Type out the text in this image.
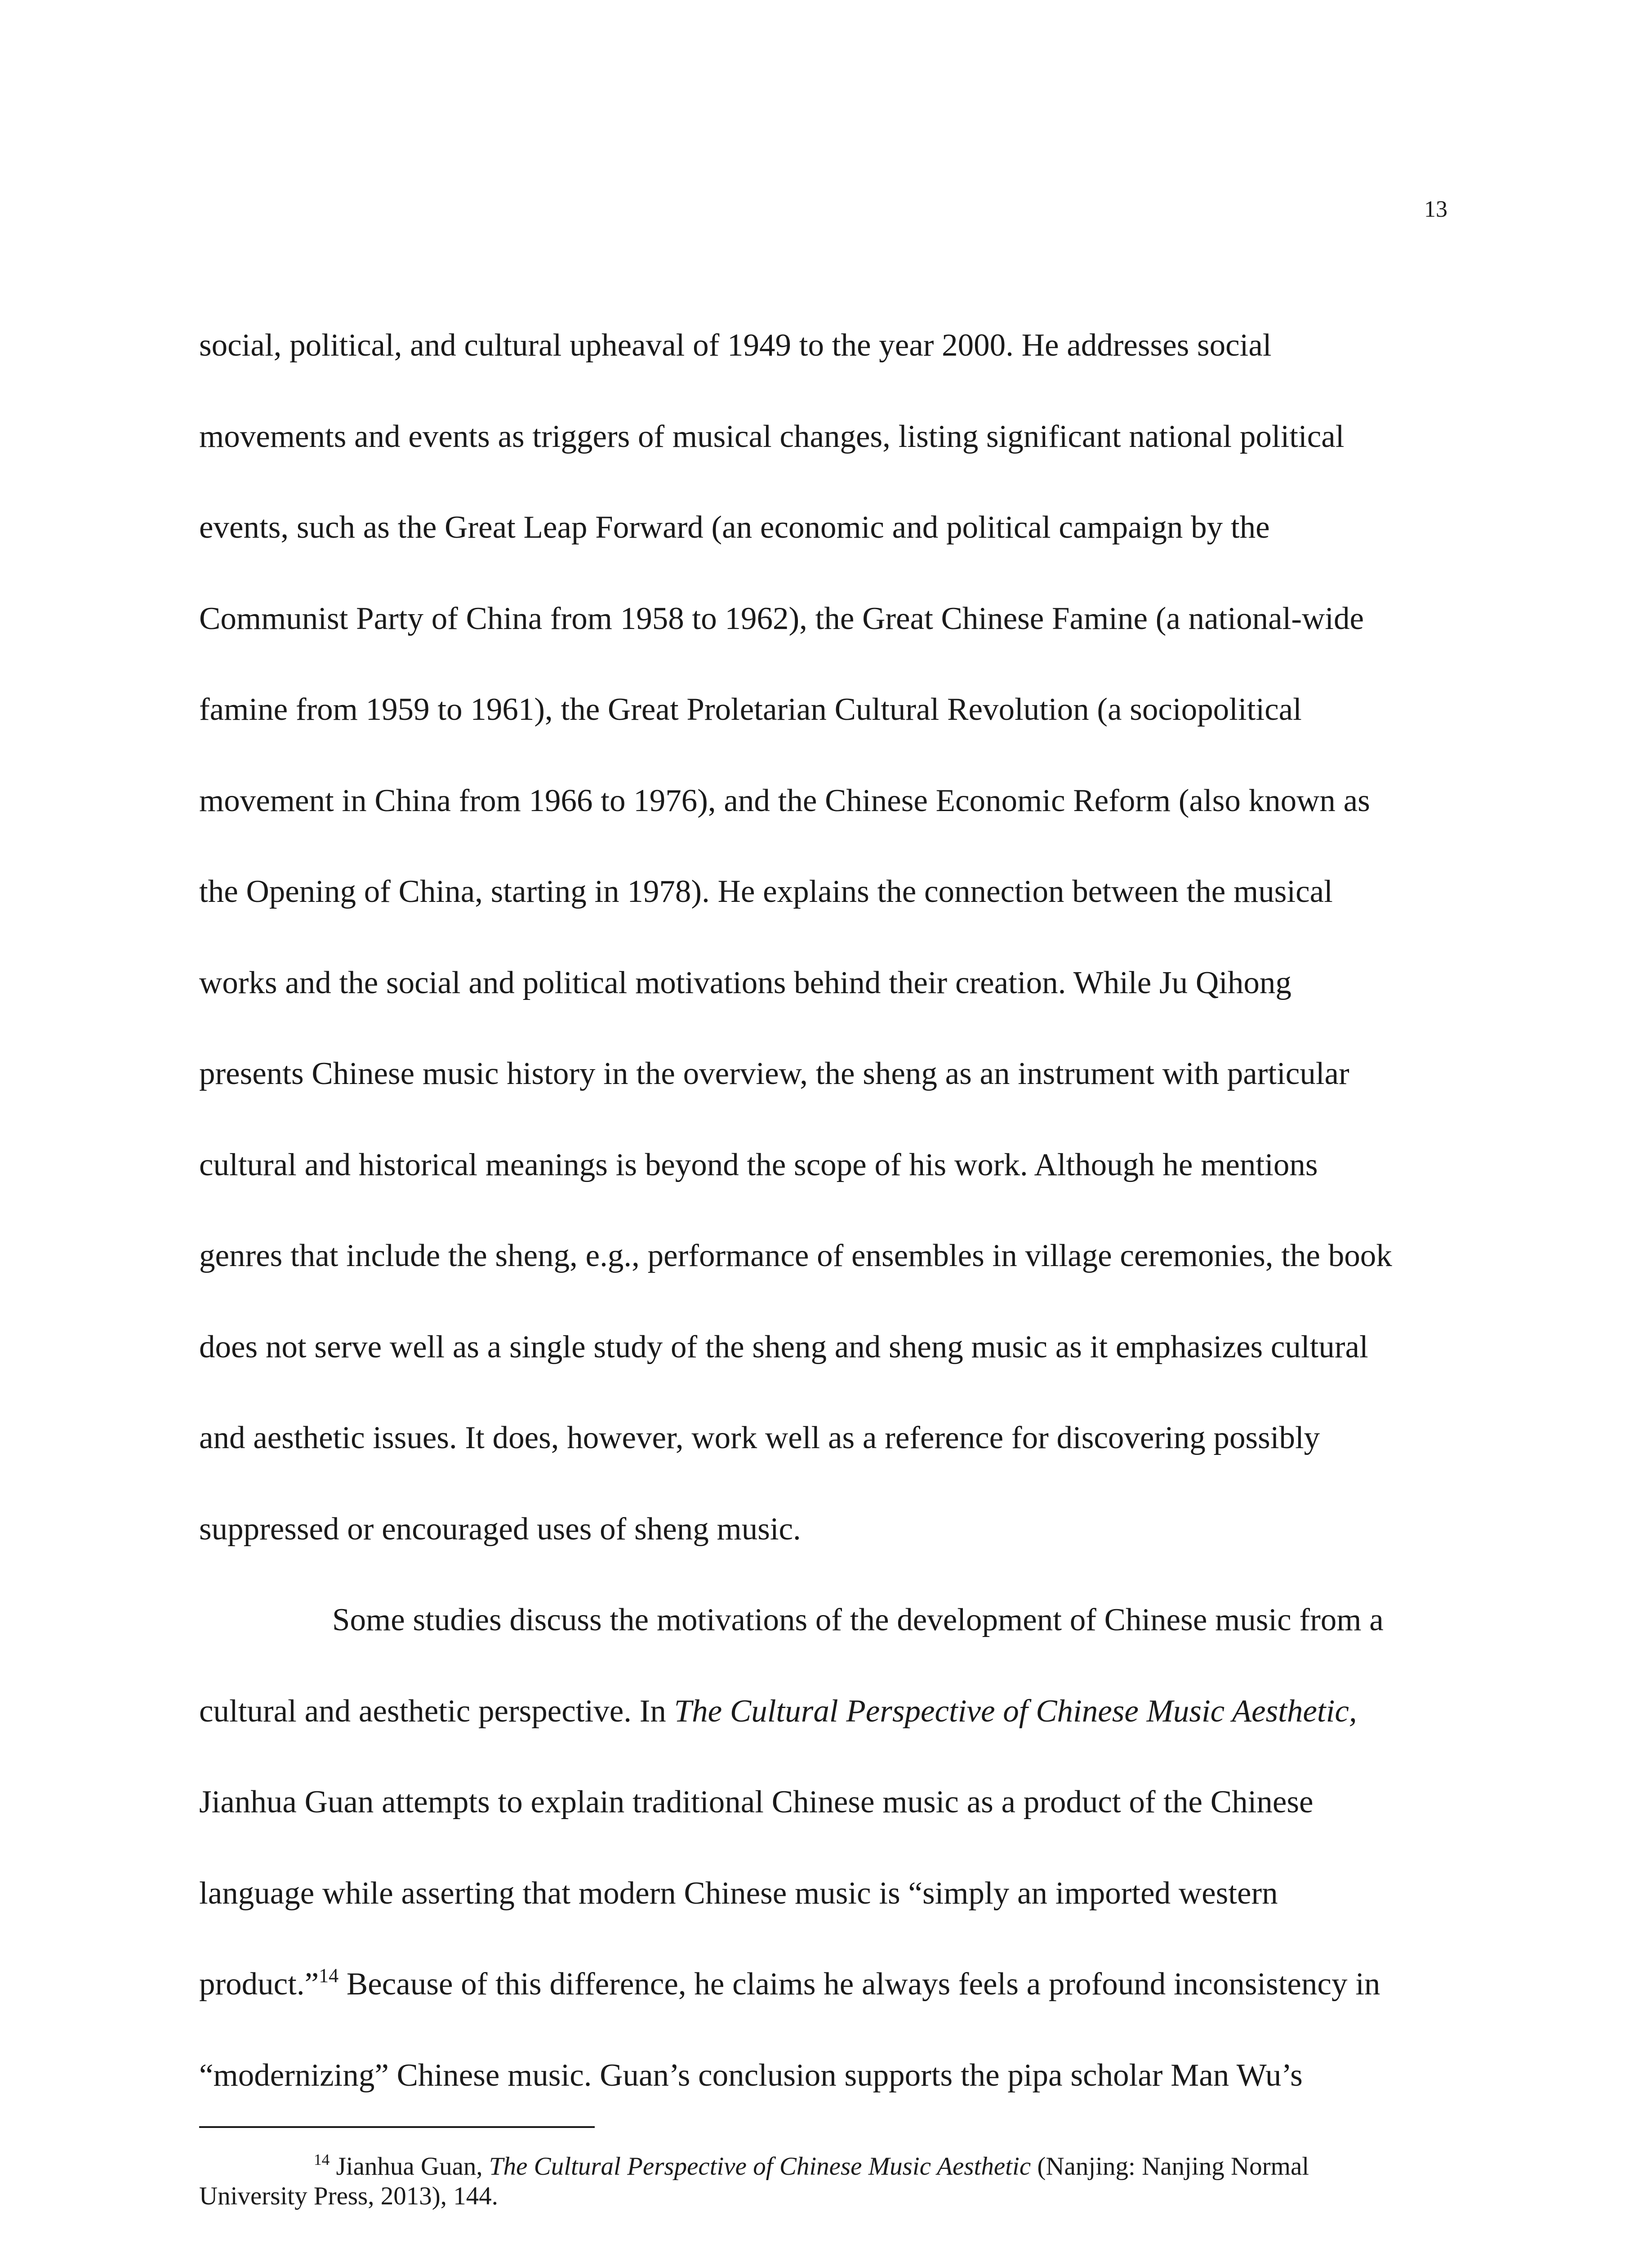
13
social, political, and cultural upheaval of 1949 to the year 2000. He addresses social
movements and events as triggers of musical changes, listing significant national political
events, such as the Great Leap Forward (an economic and political campaign by the
Communist Party of China from 1958 to 1962), the Great Chinese Famine (a national-wide
famine from 1959 to 1961), the Great Proletarian Cultural Revolution (a sociopolitical
movement in China from 1966 to 1976), and the Chinese Economic Reform (also known as
the Opening of China, starting in 1978). He explains the connection between the musical
works and the social and political motivations behind their creation. While Ju Qihong
presents Chinese music history in the overview, the sheng as an instrument with particular
cultural and historical meanings is beyond the scope of his work. Although he mentions
genres that include the sheng, e.g., performance of ensembles in village ceremonies, the book
does not serve well as a single study of the sheng and sheng music as it emphasizes cultural
and aesthetic issues. It does, however, work well as a reference for discovering possibly
suppressed or encouraged uses of sheng music.
Some studies discuss the motivations of the development of Chinese music from a
cultural and aesthetic perspective. In The Cultural Perspective of Chinese Music Aesthetic,
Jianhua Guan attempts to explain traditional Chinese music as a product of the Chinese
language while asserting that modern Chinese music is “simply an imported western
product.”$^{14}$ Because of this difference, he claims he always feels a profound inconsistency in
“modernizing” Chinese music. Guan’s conclusion supports the pipa scholar Man Wu’s
$^{14}$ Jianhua Guan, The Cultural Perspective of Chinese Music Aesthetic (Nanjing: Nanjing Normal
University Press, 2013), 144.
